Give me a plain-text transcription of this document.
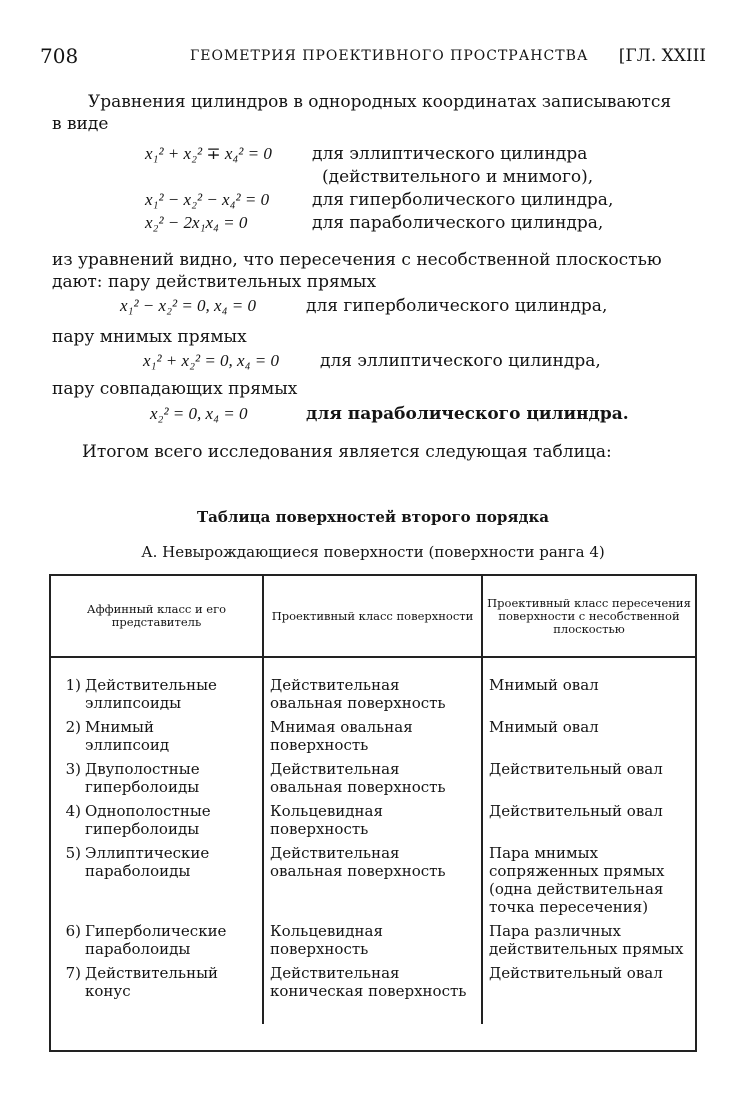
708	ГЕОМЕТРИЯ ПРОЕКТИВНОГО ПРОСТРАНСТВА [ГЛ. XXIII
Уравнения цилиндров в однородных координатах записываются
в виде
x₁² + x₂² ∓ x₄² = 0 для эллиптического цилиндра
(действительного и мнимого),
x₁² − x₂² − x₄² = 0	для гиперболического цилиндра,
x₂² − 2x₁x₄ = 0	для параболического цилиндра,
из уравнений видно, что пересечения с несобственной плоскостью
дают: пару действительных прямых
x₁² − x₂² = 0, x₄ = 0	для гиперболического цилиндра,
пару мнимых прямых
x₁² + x₂² = 0, x₄ = 0 для эллиптического цилиндра,
пару совпадающих прямых
x₂² = 0, x₄ = 0	для параболического цилиндра.
Итогом всего исследования является следующая таблица:
Таблица поверхностей второго порядка
А. Невырождающиеся поверхности (поверхности ранга 4)
Аффинный класс и его представитель	Проективный класс поверхности	Проективный класс пересечения поверхности с несобственной плоскостью
1) Действительные эллипсоиды	Действительная овальная поверхность	Мнимый овал
2) Мнимый эллипсоид	Мнимая овальная поверхность	Мнимый овал
3) Двуполостные гиперболоиды	Действительная овальная поверхность	Действительный овал
4) Однополостные гиперболоиды	Кольцевидная поверхность	Действительный овал
5) Эллиптические параболоиды	Действительная овальная поверхность	Пара мнимых сопряженных прямых (одна действительная точка пересечения)
6) Гиперболические параболоиды	Кольцевидная поверхность	Пара различных действительных прямых
7) Действительный конус	Действительная коническая поверхность	Действительный овал
